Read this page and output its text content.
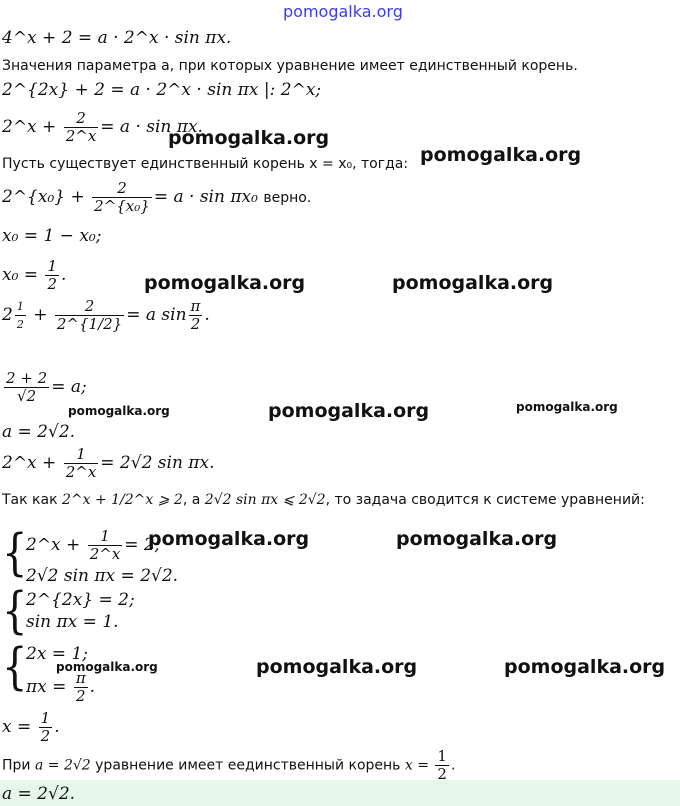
pomogalka.org
4^x + 2 = a · 2^x · sin πx.
Значения параметра a, при которых уравнение имеет единственный корень.
2^{2x} + 2 = a · 2^x · sin πx |: 2^x;
2^x + $\frac{2}{2\^{}x} = a \cdot \sin \pi x$.
Пусть существует единственный корень x = x₀, тогда:
2^{x₀} + $\frac{2}{\text{2\textasciicircum{}\{x₀\}}} = a \cdot \sin \pi x_0$ верно.
x₀ = 1 − x₀;
$x_0 = \frac{1}{2}$ .
2 $^{\frac{1}{2}} + \frac{2}{2\^{}\{1/2\}} = a$ $\sin \frac{\pi}{2}$ .
$\frac{2 + 2}{√2} = a$;
a = 2√2.
2^x + $\frac{1}{2\^{}x} = 2√2$ sin πx.
Так как 2^x + 1/2^x ⩾ 2, а 2√2 sin πx ⩽ 2√2, то задача сводится к системе уравнений:
{
2^x + $\frac{1}{2\^{}x} = 2$;
2√2 sin πx = 2√2.
{
2^{2x} = 2;
sin πx = 1.
{
2x = 1;
$\pi x = \frac{\pi}{2}$ .
$x = \frac{1}{2}$ .
При a = 2√2 уравнение имеет еединственный корень $x = \frac{1}{2}$ .
a = 2√2.
pomogalka.org
pomogalka.org
pomogalka.org	pomogalka.org
pomogalka.org	pomogalka.org	pomogalka.org
pomogalka.org	pomogalka.org
pomogalka.org	pomogalka.org	pomogalka.org
